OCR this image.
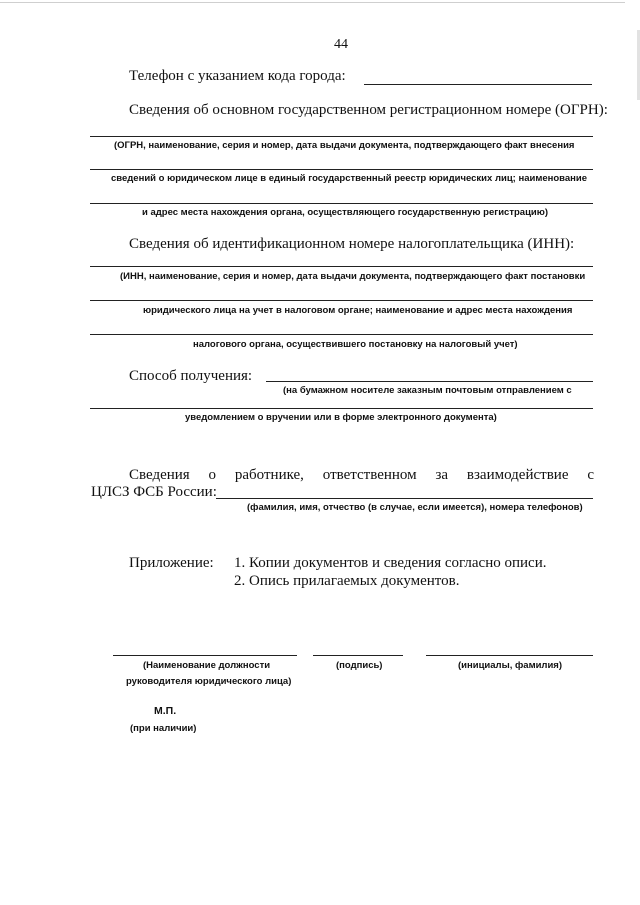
44
Телефон с указанием кода города:
Сведения об основном государственном регистрационном номере (ОГРН):
(ОГРН, наименование, серия и номер, дата выдачи документа, подтверждающего факт внесения
сведений о юридическом лице в единый государственный реестр юридических лиц; наименование
и адрес места нахождения органа, осуществляющего государственную регистрацию)
Сведения об идентификационном номере налогоплательщика (ИНН):
(ИНН, наименование, серия и номер, дата выдачи документа, подтверждающего факт постановки
юридического лица на учет в налоговом органе; наименование и адрес места нахождения
налогового органа, осуществившего постановку на налоговый учет)
Способ получения:
(на бумажном носителе заказным почтовым отправлением с
уведомлением о вручении или в форме электронного документа)
Сведения о работнике, ответственном за взаимодействие с
ЦЛСЗ ФСБ России:
(фамилия, имя, отчество (в случае, если имеется), номера телефонов)
Приложение: 1. Копии документов и сведения согласно описи.
2. Опись прилагаемых документов.
(Наименование должности
руководителя юридического лица)
(подпись)	(инициалы, фамилия)
М.П.
(при наличии)
